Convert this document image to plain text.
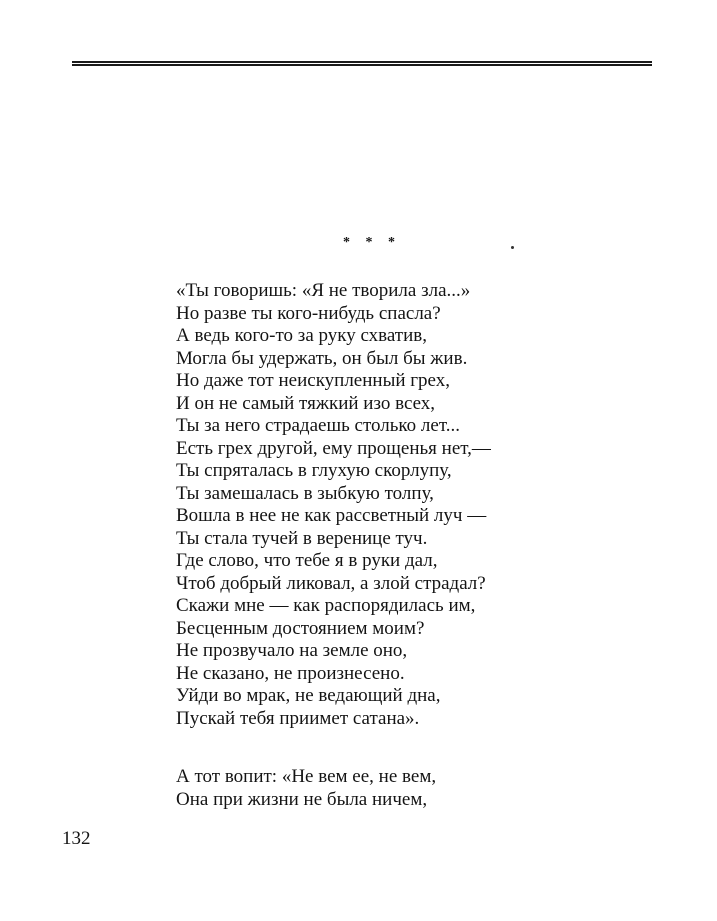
* * *
«Ты говоришь: «Я не творила зла...»
Но разве ты кого-нибудь спасла?
А ведь кого-то за руку схватив,
Могла бы удержать, он был бы жив.
Но даже тот неискупленный грех,
И он не самый тяжкий изо всех,
Ты за него страдаешь столько лет...
Есть грех другой, ему прощенья нет,—
Ты спряталась в глухую скорлупу,
Ты замешалась в зыбкую толпу,
Вошла в нее не как рассветный луч —
Ты стала тучей в веренице туч.
Где слово, что тебе я в руки дал,
Чтоб добрый ликовал, а злой страдал?
Скажи мне — как распорядилась им,
Бесценным достоянием моим?
Не прозвучало на земле оно,
Не сказано, не произнесено.
Уйди во мрак, не ведающий дна,
Пускай тебя приимет сатана».
А тот вопит: «Не вем ее, не вем,
Она при жизни не была ничем,
132
